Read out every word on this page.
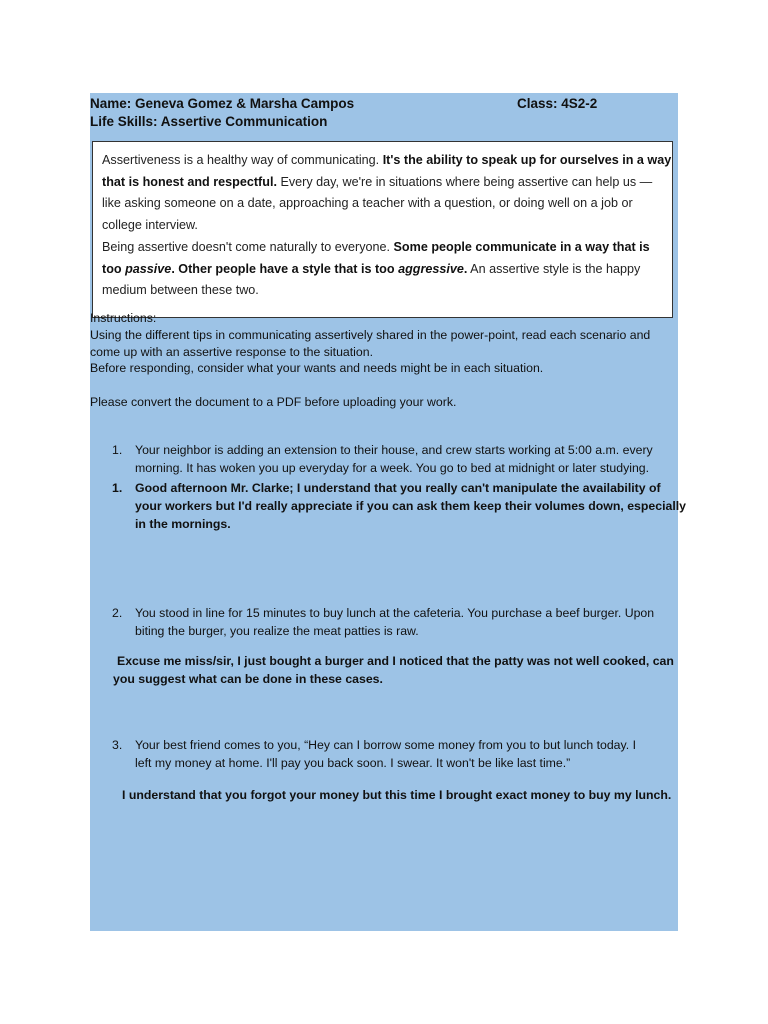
Name: Geneva Gomez & Marsha Campos	Class: 4S2-2
Life Skills: Assertive Communication

Assertiveness is a healthy way of communicating. It's the ability to speak up for ourselves in a way that is honest and respectful. Every day, we're in situations where being assertive can help us — like asking someone on a date, approaching a teacher with a question, or doing well on a job or college interview.

Being assertive doesn't come naturally to everyone. Some people communicate in a way that is too passive. Other people have a style that is too aggressive. An assertive style is the happy medium between these two.

Instructions:
Using the different tips in communicating assertively shared in the power-point, read each scenario and
come up with an assertive response to the situation.
Before responding, consider what your wants and needs might be in each situation.
Please convert the document to a PDF before uploading your work.
1. Your neighbor is adding an extension to their house, and crew starts working at 5:00 a.m. every
morning. It has woken you up everyday for a week. You go to bed at midnight or later studying.
1. Good afternoon Mr. Clarke; I understand that you really can't manipulate the availability of
your workers but I'd really appreciate if you can ask them keep their volumes down, especially
in the mornings.
2. You stood in line for 15 minutes to buy lunch at the cafeteria. You purchase a beef burger. Upon
biting the burger, you realize the meat patties is raw.
Excuse me miss/sir, I just bought a burger and I noticed that the patty was not well cooked, can
you suggest what can be done in these cases.
3. Your best friend comes to you, “Hey can I borrow some money from you to but lunch today. I
left my money at home. I'll pay you back soon. I swear. It won't be like last time.”
I understand that you forgot your money but this time I brought exact money to buy my lunch.
